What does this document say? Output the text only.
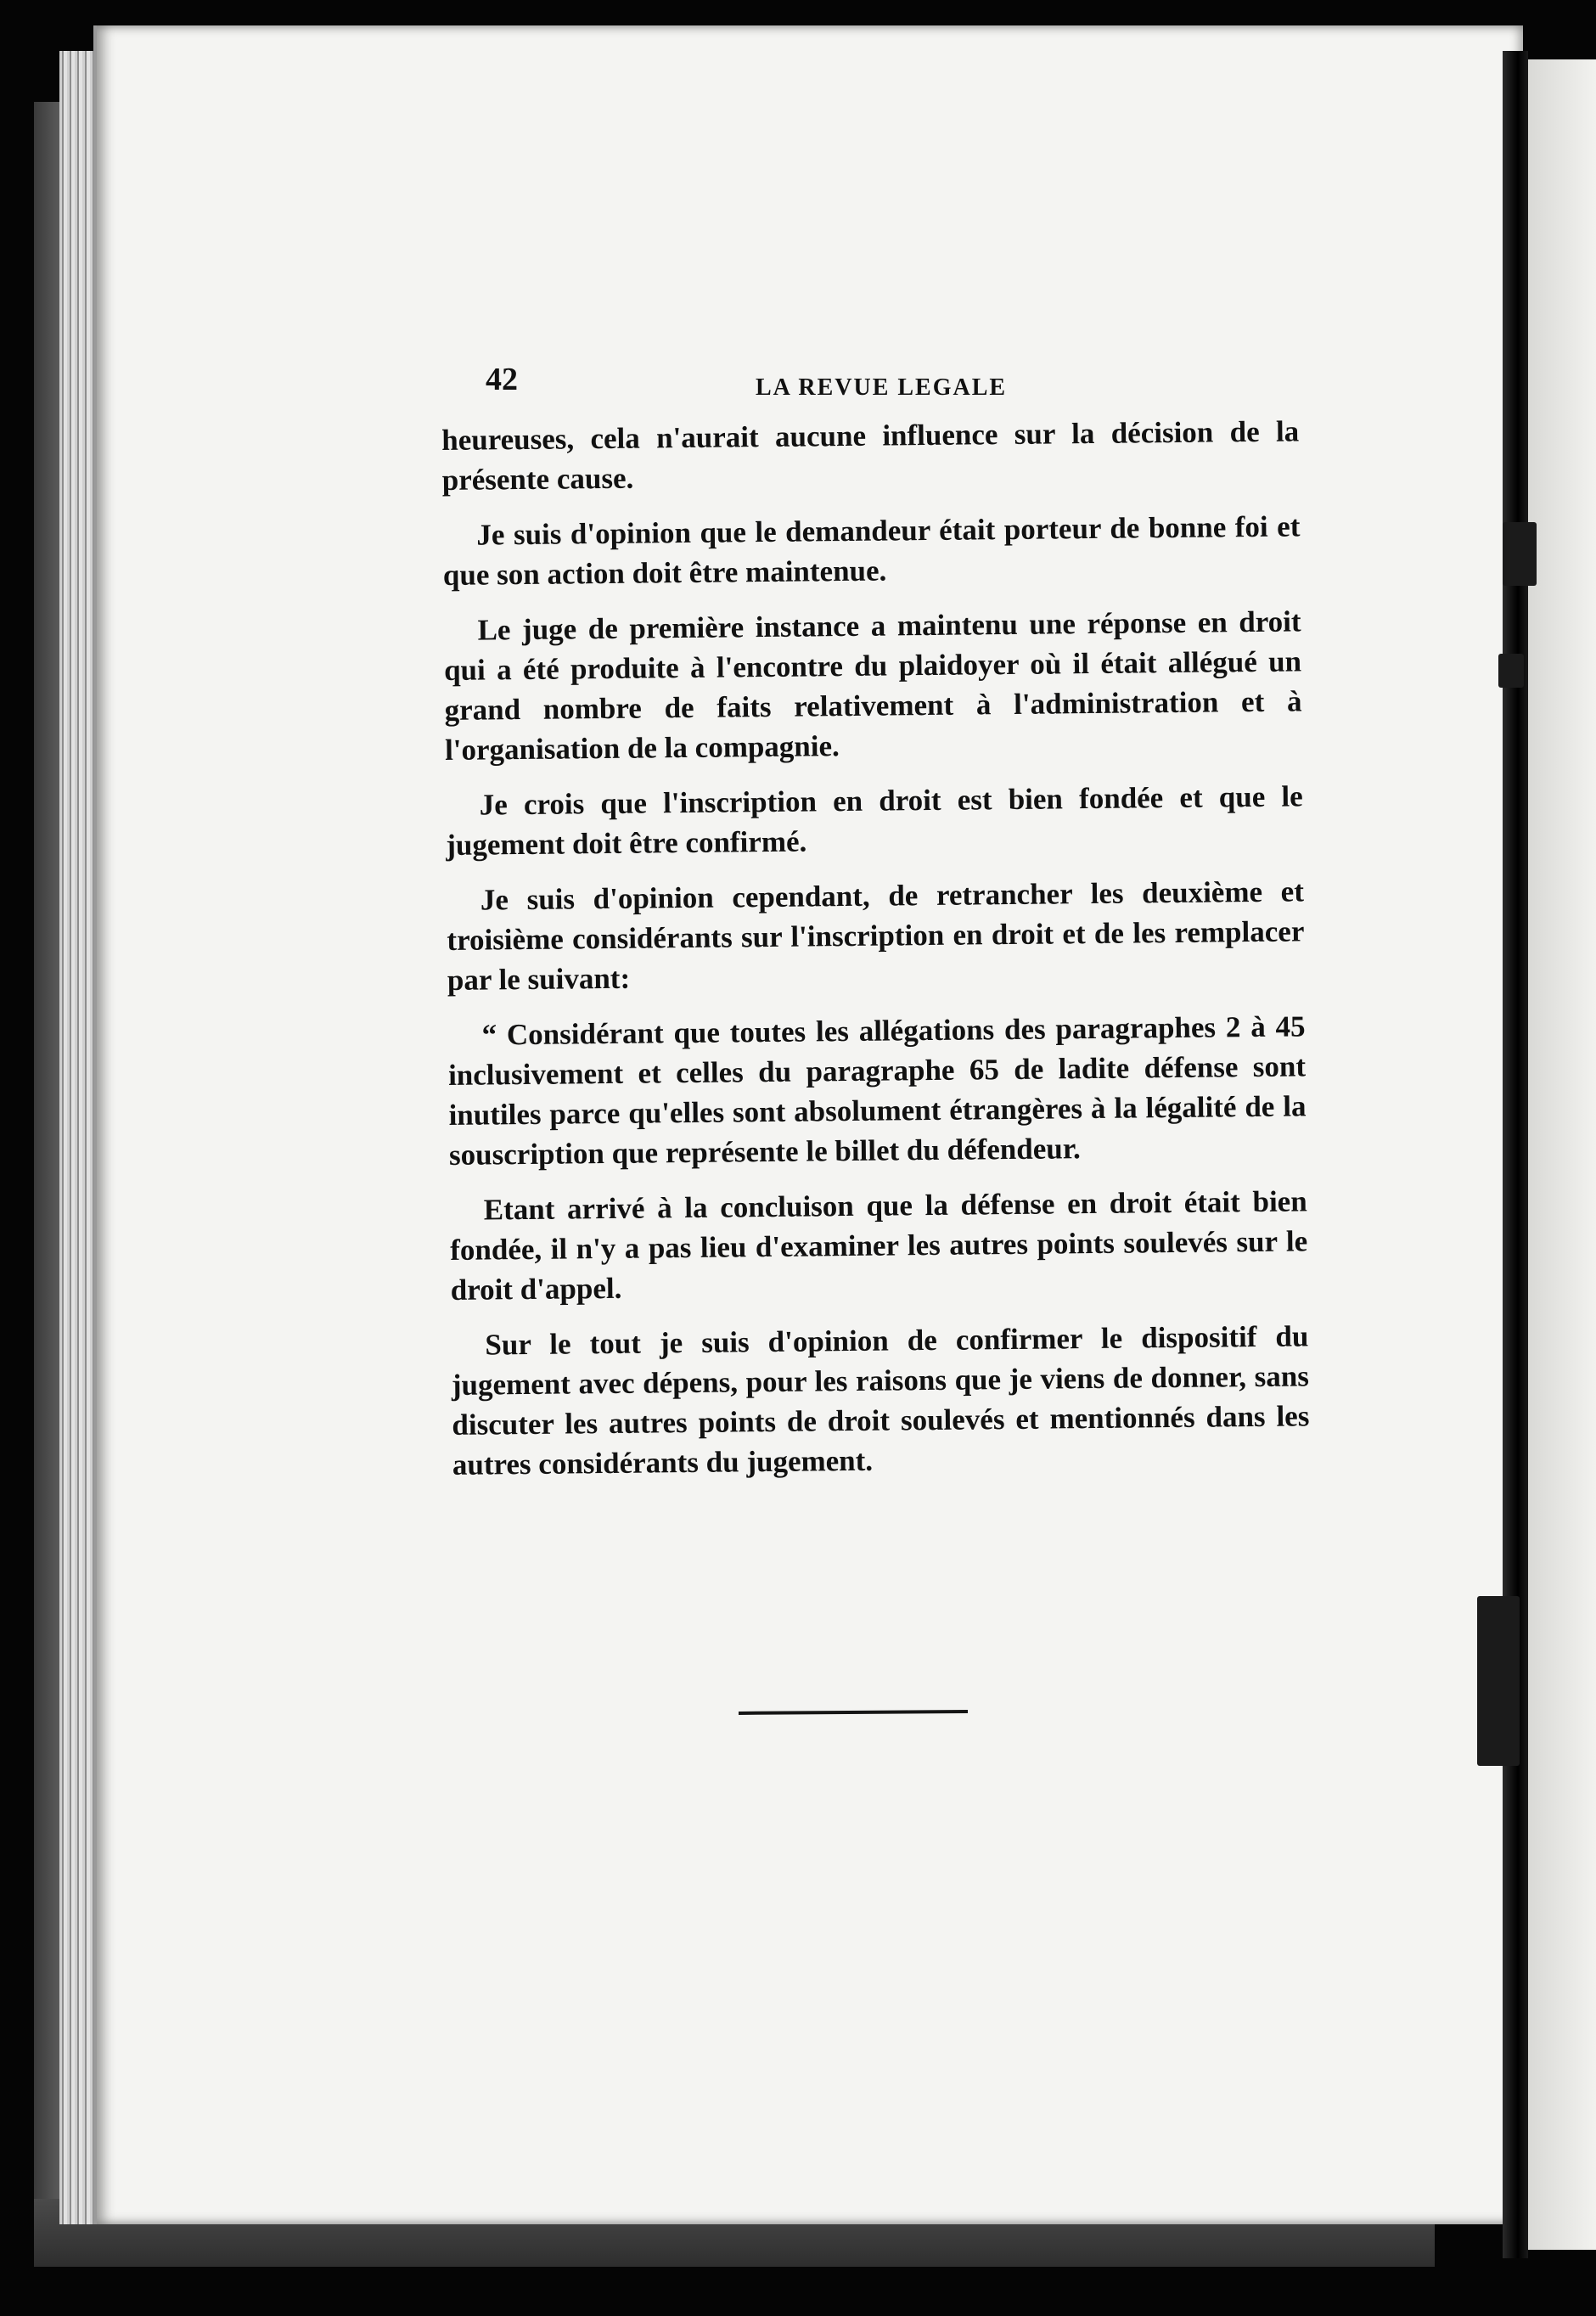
42	LA REVUE LEGALE

heureuses, cela n'aurait aucune influence sur la décision de la présente cause.

Je suis d'opinion que le demandeur était porteur de bonne foi et que son action doit être maintenue.

Le juge de première instance a maintenu une réponse en droit qui a été produite à l'encontre du plaidoyer où il était allégué un grand nombre de faits relativement à l'administration et à l'organisation de la compagnie.

Je crois que l'inscription en droit est bien fondée et que le jugement doit être confirmé.

Je suis d'opinion cependant, de retrancher les deuxième et troisième considérants sur l'inscription en droit et de les remplacer par le suivant:

“ Considérant que toutes les allégations des paragraphes 2 à 45 inclusivement et celles du paragraphe 65 de ladite défense sont inutiles parce qu'elles sont absolument étrangères à la légalité de la souscription que représente le billet du défendeur.

Etant arrivé à la concluison que la défense en droit était bien fondée, il n'y a pas lieu d'examiner les autres points soulevés sur le droit d'appel.

Sur le tout je suis d'opinion de confirmer le dispositif du jugement avec dépens, pour les raisons que je viens de donner, sans discuter les autres points de droit soulevés et mentionnés dans les autres considérants du jugement.
